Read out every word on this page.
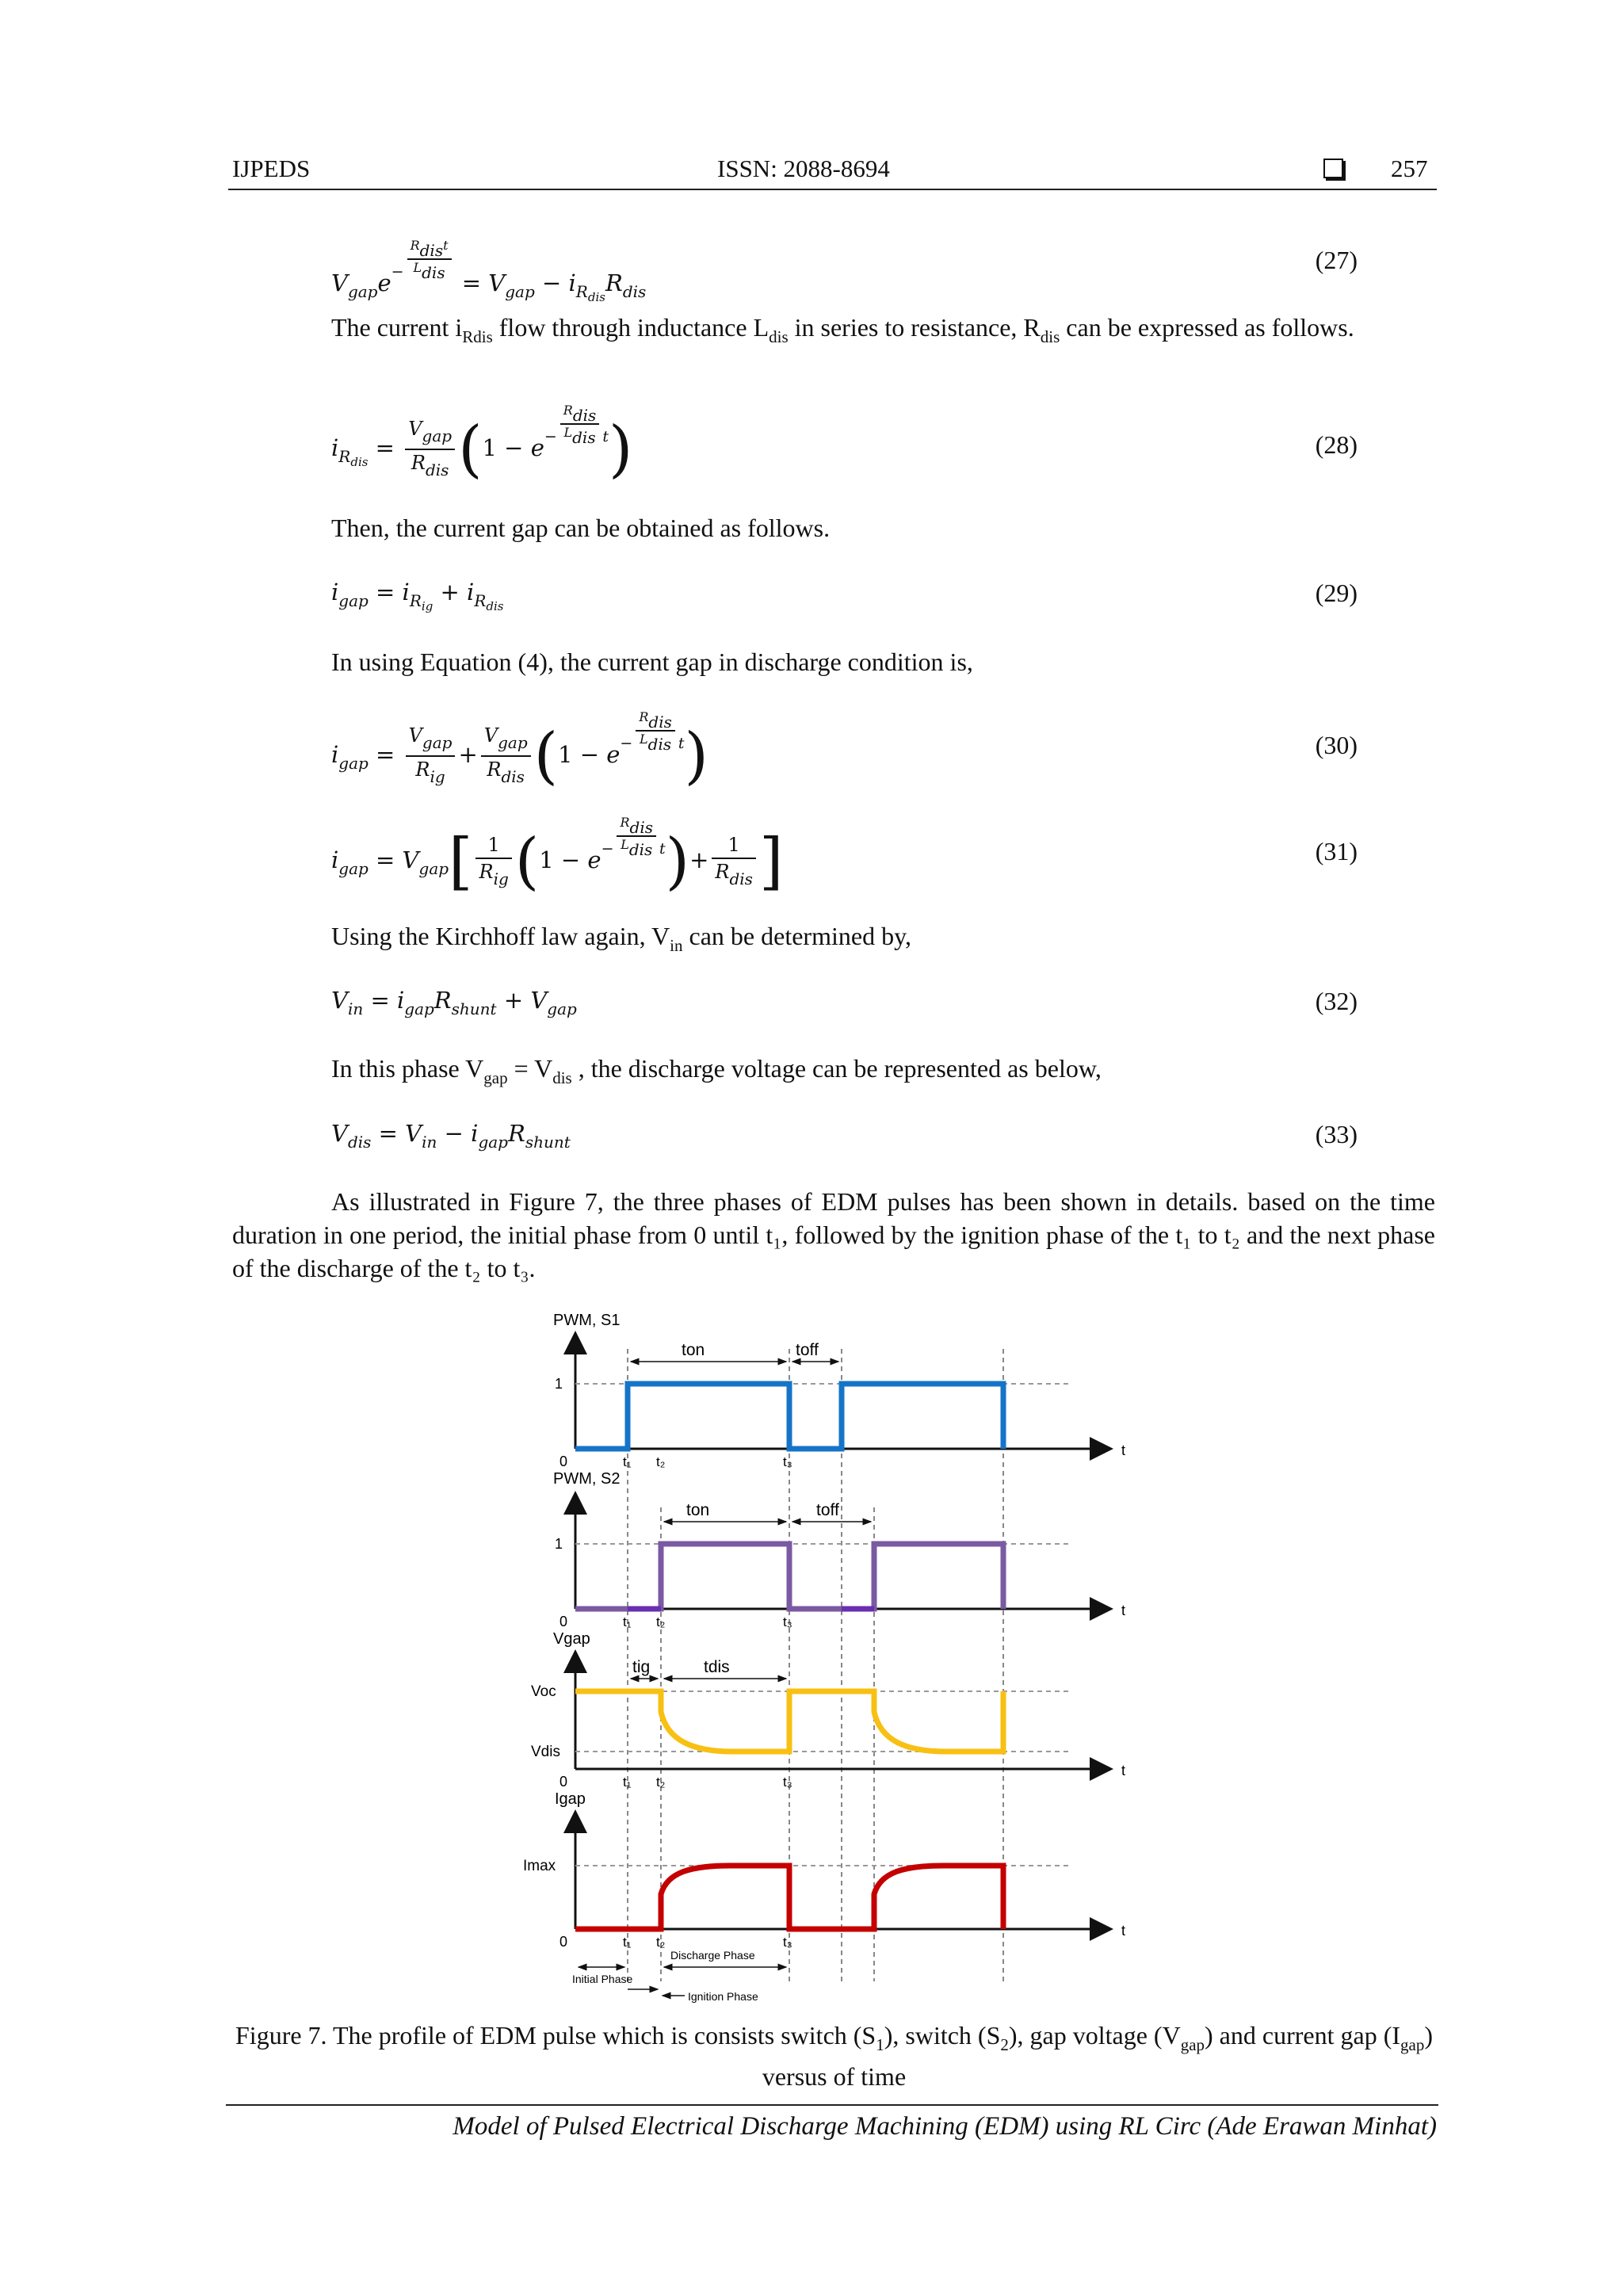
IJPEDS	ISSN: 2088-8694	257
$V_{gap}e^{- \frac{R_{dis}t}{L_{dis}}}$
= $V_{gap} - i_{R_{dis}}R_{dis}$
(27)
The current $i_{Rdis}$ flow through inductance $L_{dis}$ in series to resistance, $R_{dis}$ can be expressed as follows.
$i_{R_{dis}} = \frac{V_{gap}}{R_{dis}} (1 - e^{- \frac{R_{dis}}{L_{dis}} t})$	(28)
Then, the current gap can be obtained as follows.
$i_{gap} = i_{R_{ig}} + i_{R_{dis}}$	(29)
In using Equation (4), the current gap in discharge condition is,
$i_{gap} = \frac{V_{gap}}{R_{ig}} + \frac{V_{gap}}{R_{dis}} (1 - e^{- \frac{R_{dis}}{L_{dis}} t})$	(30)
$i_{gap} = V_{gap}[ \frac{1}{R_{ig}} (1 - e^{- \frac{R_{dis}}{L_{dis}} t})+ \frac{1}{R_{dis}}$ ]	(31)
Using the Kirchhoff law again, $V_{in}$ can be determined by,
$V_{in} = i_{gap}R_{shunt} + V_{gap}$	(32)
In this phase $V_{gap} = V_{dis}$ , the discharge voltage can be represented as below,
$V_{dis} = V_{in} - i_{gap}R_{shunt}$	(33)
As illustrated in Figure 7, the three phases of EDM pulses has been shown in details. based on the time duration in one period, the initial phase from 0 until t₁, followed by the ignition phase of the t₁ to t₂ and the next phase of the discharge of the t₂ to t₃.
PWM, S1
1
0	t₁ t₂	t₃
t
ton	toff
PWM, S2
1
0	t₁ t₂	t₃
t
ton	toff
Vgap
Voc
Vdis
0	t₁ t₂	t₃
t
tig	tdis
Igap
Imax
0	t₁ t₂	t₃
t
Discharge Phase
Initial Phase
Ignition Phase
Figure 7. The profile of EDM pulse which is consists switch $(S_1)$, switch $(S_2)$, gap voltage $(V_{gap})$ and current gap $(I_{gap})$ versus of time
Model of Pulsed Electrical Discharge Machining (EDM) using RL Circ (Ade Erawan Minhat)
